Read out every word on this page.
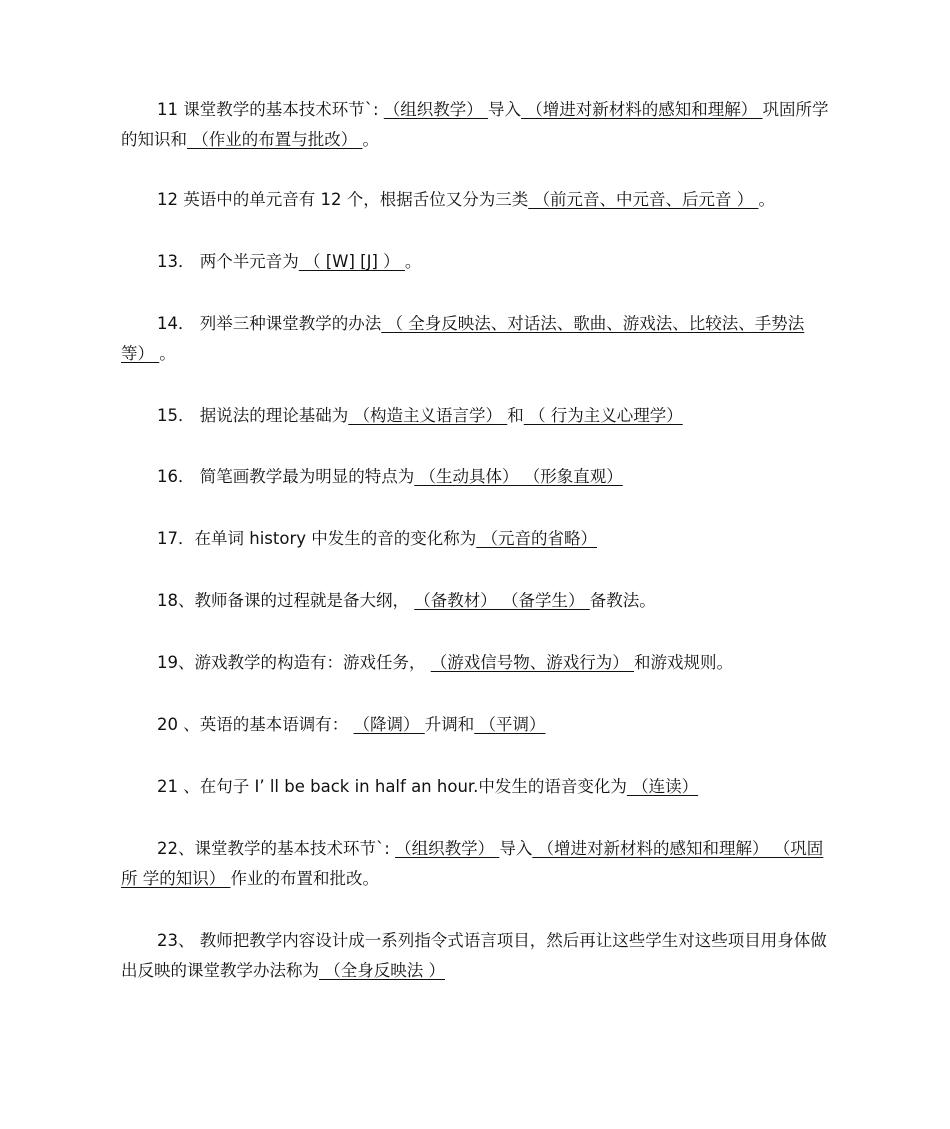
11 课堂教学的基本技术环节`: （组织教学） 导入 （增进对新材料的感知和理解） 巩固所学的知识和 （作业的布置与批改） 。

12 英语中的单元音有 12 个，根据舌位又分为三类 （前元音、中元音、后元音 ） 。

13． 两个半元音为 （ [W] [J] ） 。

14． 列举三种课堂教学的办法 （ 全身反映法、对话法、歌曲、游戏法、比较法、手势法 等） 。

15． 据说法的理论基础为 （构造主义语言学） 和 （ 行为主义心理学）

16． 简笔画教学最为明显的特点为 （生动具体） （形象直观）

17．在单词 history 中发生的音的变化称为 （元音的省略）

18、教师备课的过程就是备大纲， （备教材） （备学生） 备教法。

19、游戏教学的构造有：游戏任务， （游戏信号物、游戏行为） 和游戏规则。

20 、英语的基本语调有： （降调） 升调和 （平调）

21 、在句子 I’ ll be back in half an hour.中发生的语音变化为 （连读）

22、课堂教学的基本技术环节`: （组织教学） 导入 （增进对新材料的感知和理解） （巩固所 学的知识） 作业的布置和批改。

23、 教师把教学内容设计成一系列指令式语言项目，然后再让这些学生对这些项目用身体做出反映的课堂教学办法称为 （全身反映法 ）
